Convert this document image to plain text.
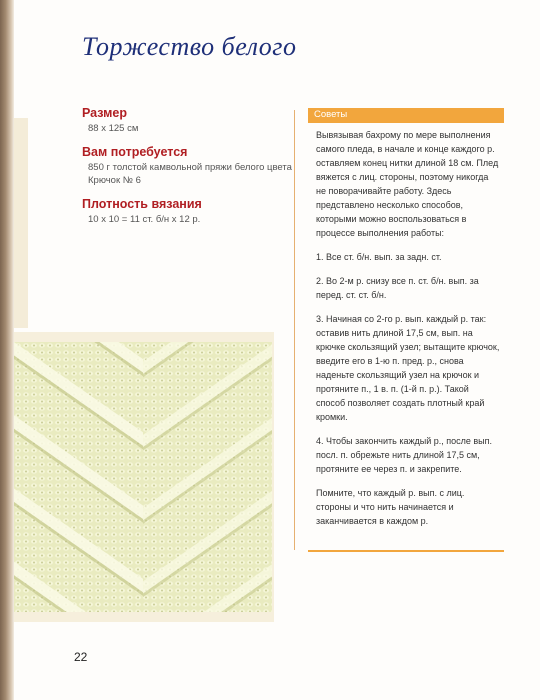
Торжество белого
Размер
88 x 125 см
Вам потребуется
850 г толстой камвольной пряжи белого цвета
Крючок № 6
Плотность вязания
10 x 10 = 11 ст. б/н x 12 р.
Советы

Вывязывая бахрому по мере выполнения самого пледа, в начале и конце каждого р. оставляем конец нитки длиной 18 см. Плед вяжется с лиц. стороны, поэтому никогда не поворачивайте работу. Здесь представлено несколько способов, которыми можно воспользоваться в процессе выполнения работы:

1. Все ст. б/н. вып. за задн. ст.

2. Во 2-м р. снизу все п. ст. б/н. вып. за перед. ст. ст. б/н.

3. Начиная со 2-го р. вып. каждый р. так: оставив нить длиной 17,5 см, вып. на крючке скользящий узел; вытащите крючок, введите его в 1-ю п. пред. р., снова наденьте скользящий узел на крючок и протяните п., 1 в. п. (1-й п. р.). Такой способ позволяет создать плотный край кромки.

4. Чтобы закончить каждый р., после вып. посл. п. обрежьте нить длиной 17,5 см, протяните ее через п. и закрепите.

Помните, что каждый р. вып. с лиц. стороны и что нить начинается и заканчивается в каждом р.

22
